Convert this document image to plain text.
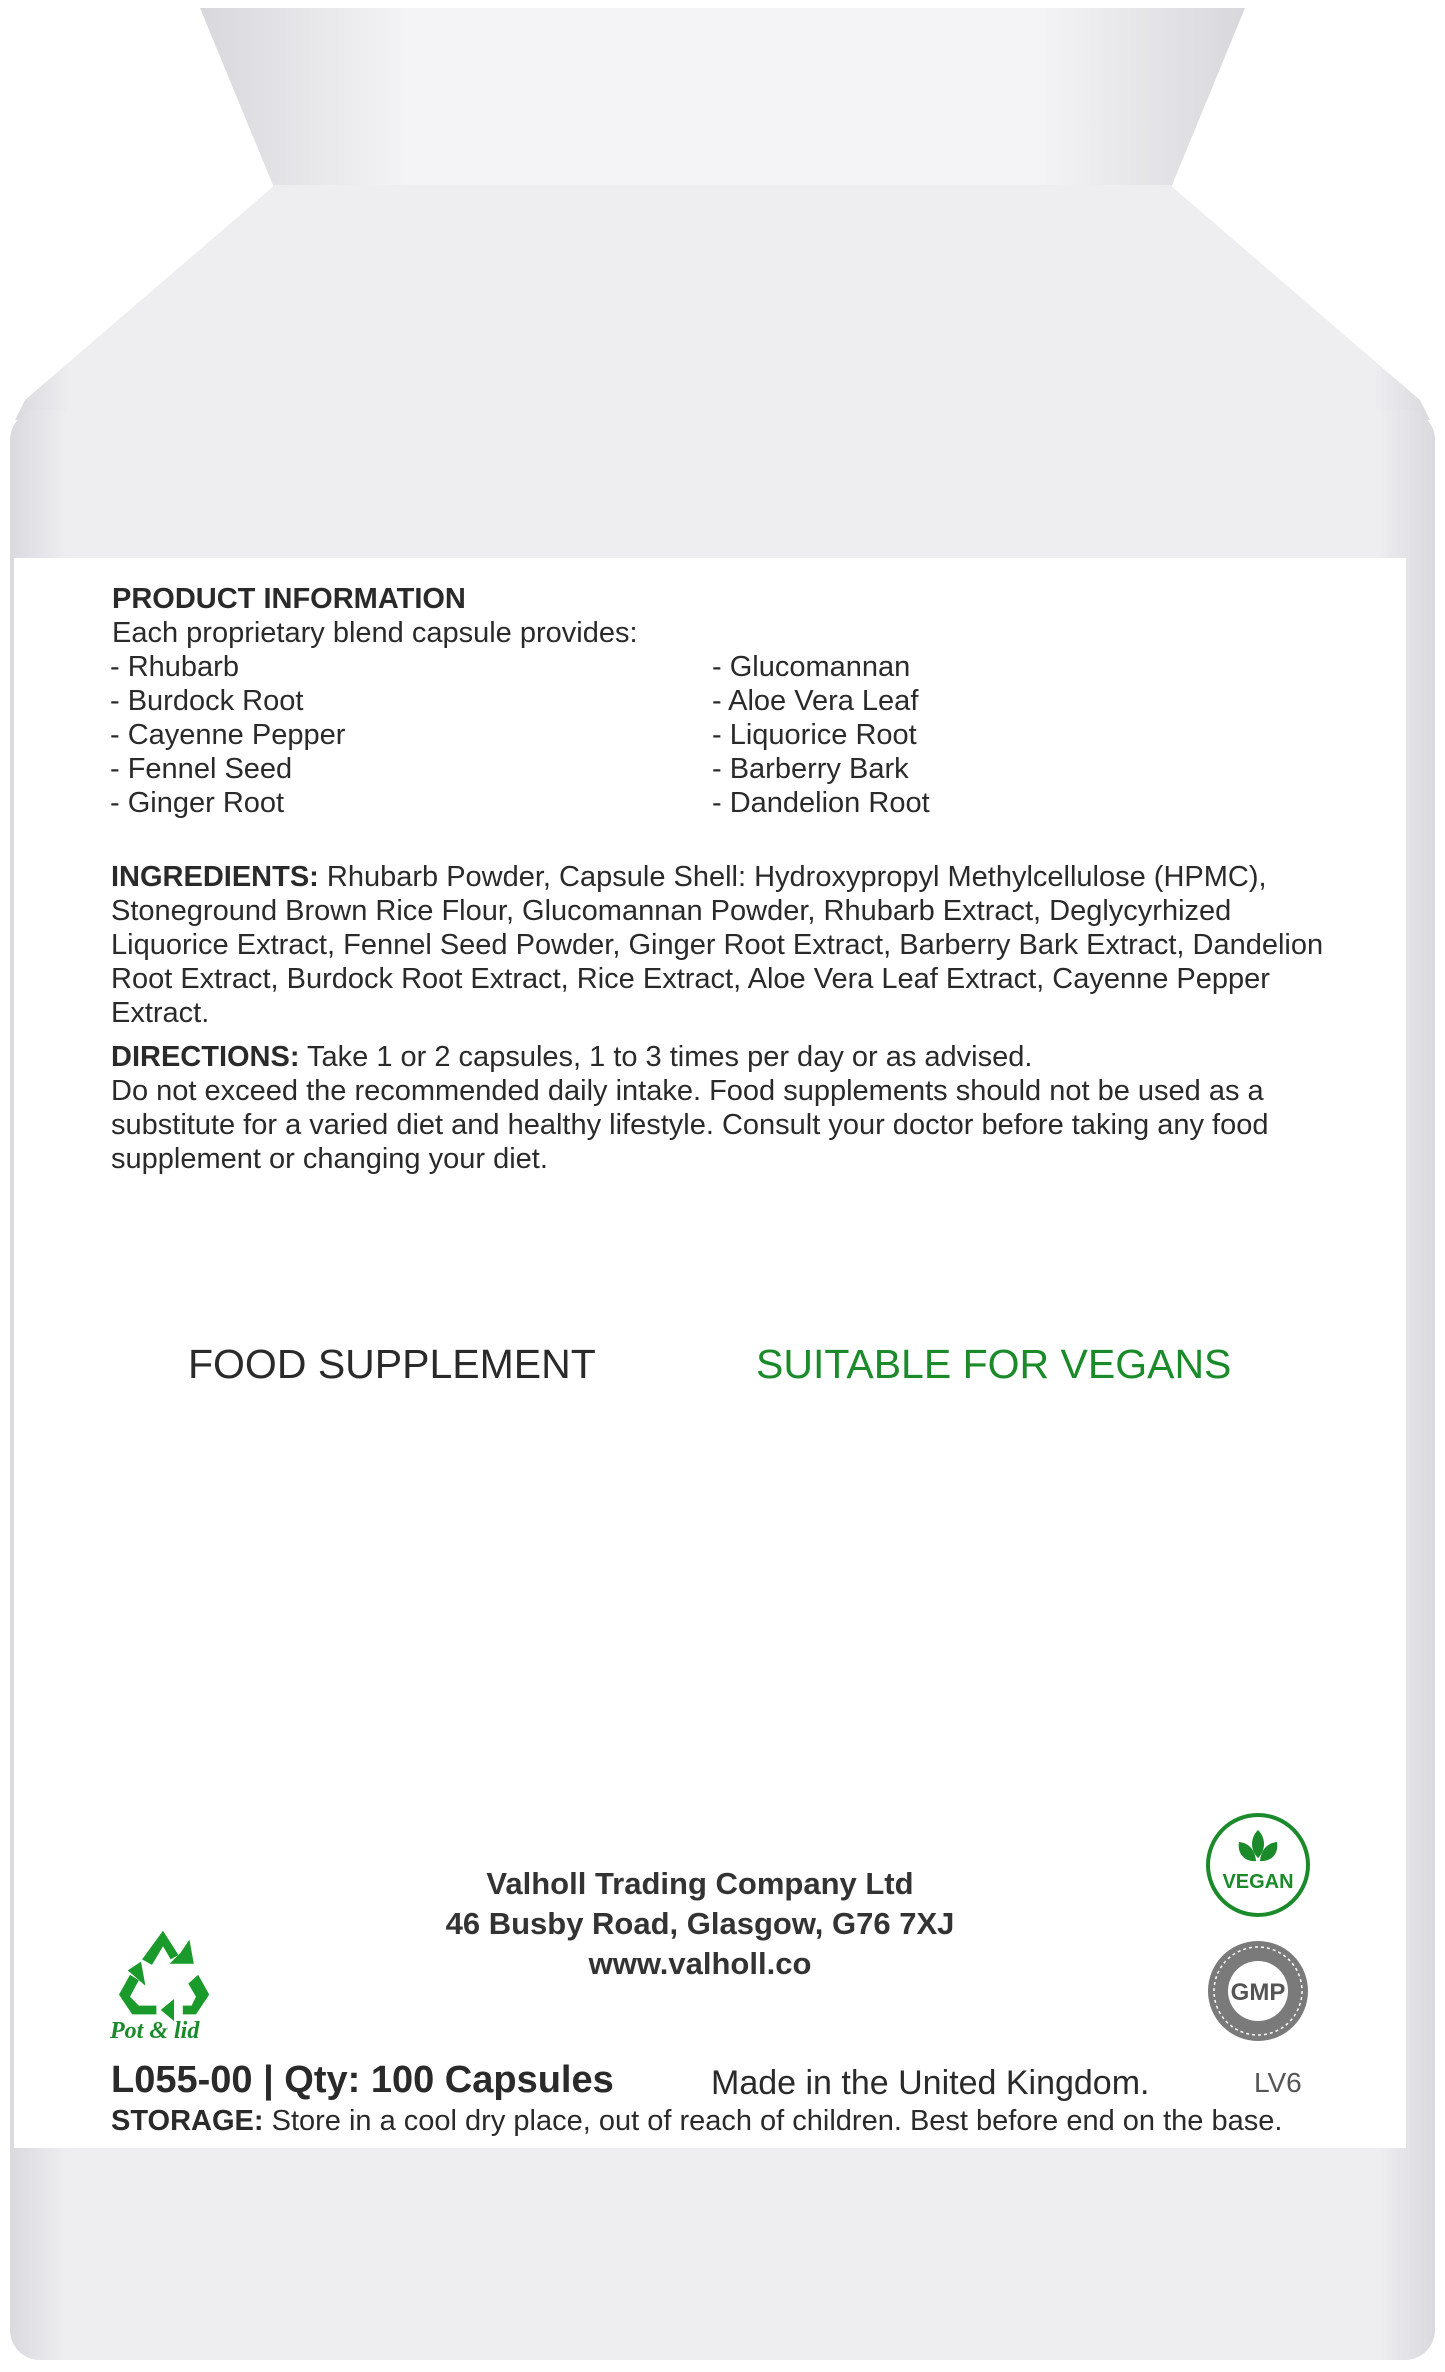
PRODUCT INFORMATION
Each proprietary blend capsule provides:
- Rhubarb
- Burdock Root
- Cayenne Pepper
- Fennel Seed
- Ginger Root
- Glucomannan
- Aloe Vera Leaf
- Liquorice Root
- Barberry Bark
- Dandelion Root
INGREDIENTS: Rhubarb Powder, Capsule Shell: Hydroxypropyl Methylcellulose (HPMC), Stoneground Brown Rice Flour, Glucomannan Powder, Rhubarb Extract, Deglycyrhized Liquorice Extract, Fennel Seed Powder, Ginger Root Extract, Barberry Bark Extract, Dandelion Root Extract, Burdock Root Extract, Rice Extract, Aloe Vera Leaf Extract, Cayenne Pepper Extract.
DIRECTIONS: Take 1 or 2 capsules, 1 to 3 times per day or as advised.
Do not exceed the recommended daily intake. Food supplements should not be used as a substitute for a varied diet and healthy lifestyle. Consult your doctor before taking any food supplement or changing your diet.
FOOD SUPPLEMENT	SUITABLE FOR VEGANS
Valholl Trading Company Ltd
46 Busby Road, Glasgow, G76 7XJ
www.valholl.co
Pot & lid
VEGAN
GMP
L055-00 | Qty: 100 Capsules	Made in the United Kingdom.	LV6
STORAGE: Store in a cool dry place, out of reach of children. Best before end on the base.
